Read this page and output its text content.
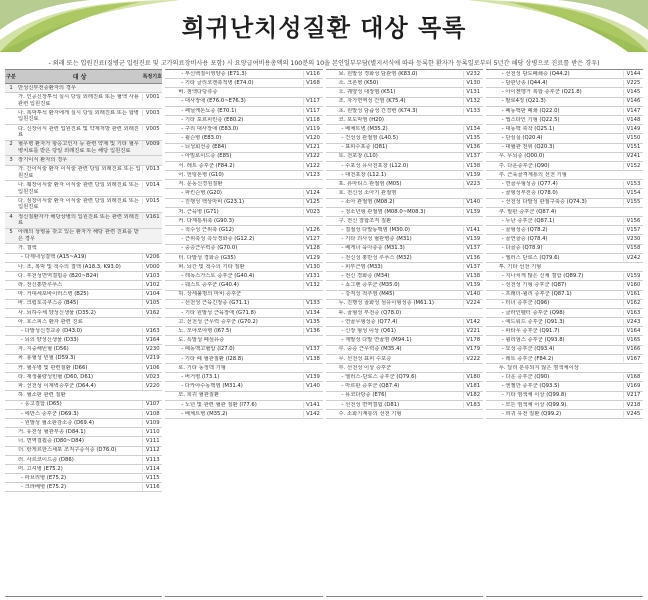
희귀난치성질환 대상 목록
- 외래 또는 입원진료(질병군 입원진료 및 고가의료장비사용 포함) 시 요양급여비용총액의 100분의 10을 본인일부부담(별지서식에 따라 등록한 환자가 등록일로부터 5년간 해당 상병으로 진료를 받은 경우)
구분	대 상	특정기호
1	만성신부전증환자의 경우
가. 인공신장투석 실시 당일 외래진료 또는 혈액 사용 관련 입원진료
V001
나. 복막투석 환자에게 실시 당일 외래진료 또는 합병 입원진료
V003
다. 신장이식 관련 입원진료 및 약제처방 관련 외래진료
V005
2	혈우병 환자가 항응고인자 등 관련 약제 및 기타 혈우병치료를 받은 당일 외래진료 또는 해당 입원진료
V009
3	장기이식 환자의 경우
가. 간이식술 환자 이식술 관련 당일 외래진료 또는 입원진료
V013
나. 췌장이식술 환자 이식술 관련 당일 외래진료 또는 입원진료
V014
다. 심장이식술 환자 이식술 관련 당일 외래진료 또는 입원진료
V015
4	정신질환자가 해당상병의 입원진료 또는 관련 외래진료
V161
5	아래의 상병을 갖고 있는 환자가 해당 관련 진료를 받은 경우
가. 결핵
- 다제내성결핵 (A15~A19)	V206
나. 조, 복막 및 척수의 결핵 (A18.3, K93.0)	V000
다. 후천성면역결핍증 (B20~B24)	V103
라. 전신홍반루푸스	V102
마. 거대세포바이러스병 (B25)	V104
바. 크립토콕쿠스증 (B45)	V105
사. 뇌하수체 양성신생물 (D35.2)	V162
아. 호스피스 환자 관련 진료
- 다발성신경교종 (D43.0)	V163
- 뇌의 양성신생물 (D33)	V164
자. 지중해빈혈 (D56)	V230
차. 용혈성 빈혈 (D59.3)	V219
카. 혈우병 및 관련질환 (D66)	V106
타. 재생불량성빈혈 (D60, D61)	V023
파. 선천성 이계벽증후군 (D64.4)	V220
하. 혈소판 관련 질환
- 응고결함 (D65)	V107
- 에반스 증후군 (D69.3)	V108
- 원발성 혈소판감소증 (D69.4)	V109
거. 유전성 혈관부종 (D84.1)	V110
너. 면역결핍증 (D80~D84)	V111
더. 랑게르한스세포 조직구증식증 (D76.0)	V112
러. 사르코이드증 (D86)	V113
머. 고셔병 (E75.2)	V114
- 파브리병 (E75.2)	V115
- 크라베병 (E75.2)	V116
- 부신백질이영양증 (E71.3)	V116
- 기타 글리코겐축적병 (E74.0)	V168
버. 점액다당류증
- 대사장애 (E76.0~E76.3)	V117
- 페닐케톤뇨증 (E70.1)	V117
- 기타 포르피린증 (E80.2)	V118
- 구리 대사장애 (E83.0)	V119
- 윌슨병 (E83.0)	V120
- 뇌성회선증 (E84)	V121
- 아밀로이드증 (E85)	V122
서. 레트 증후군 (F84.2)	V122
어. 헌팅톤병 (G10)	V123
저. 운동신경원질환
- 파킨슨병 (G20)	V124
- 진행성 핵상마비 (G23.1)	V125
처. 근육병 (G71)	V023
커. 다계통위축 (G90.3)
- 척수성 근위축 (G12)	V126
- 근위축성 측삭경화증 (G12.2)	V127
- 중증근무력증 (G70.0)	V128
터. 다발성 경화증 (G35)	V129
퍼. 뇌간 및 척수의 기타 질환	V130
- 레녹스가스토 증후군 (G40.4)	V131
- 웨스트 증후군 (G40.4)	V132
허. 상세불명의 마비 증후군
- 선천성 근육긴장증 (G71.1)	V133
- 기타 원발성 근육장애 (G71.8)	V134
고. 선천성 근무력 증후군 (G70.2)	V135
노. 모야모야병 (I67.5)	V136
도. 특발성 폐섬유증
- 폐동맥고혈압 (I27.0)	V137
- 기타 폐 혈관질환 (I28.8)	V138
로. 기타 동정맥 기형
- 버거병 (I73.1)	V139
- 다카야수동맥염 (M31.4)	V140
모. 희귀 혈관질환
- 노년 및 관련 혈관 질환 (I77.6)	V141
- 베체트병 (M35.2)	V142
보. 원발성 경화성 담관염 (K83.0)	V232
소. 크론병 (K50)	V130
오. 궤양성 대장염 (K51)	V131
조. 자가면역성 간염 (K75.4)	V132
초. 원발성 담즙성 간경변 (K74.3)	V133
코. 포도막염 (H20)
- 베체트병 (M35.2)	V134
- 건선성 관절염 (L40.5)	V135
- 표피수포증 (Q81)	V136
토. 천포창 (L10)	V137
- 수포성 유사천포창 (L12.0)	V138
- 대천포창 (L12.1)	V139
포. 류마티스 관절염 (M05)	V223
호. 전신성 소아기 관절염
- 소아 관절염 (M08.2)	V140
- 청소년형 관절염 (M08.0~M08.3)	V139
구. 전신 결합조직 질환
- 결절성 다발동맥염 (M30.0)	V141
- 기타 괴사성 혈관병증 (M31)	V139
- 베게너 육아종증 (M31.3)	V137
- 전신성 홍반성 루푸스 (M32)	V136
- 피부근염 (M33)	V137
- 전신 경화증 (M34)	V138
- 쇼그렌 증후군 (M35.0)	V139
- 강직성 척추염 (M45)	V140
누. 진행성 골화성 섬유이형성증 (M61.1)	V224
두. 골형성 부전증 (Q78.0)
- 연골무형성증 (Q77.4)	V142
- 신장 형성 이상 (Q61)	V221
- 재발성 다발 연골염 (M94.1)	V178
루. 중증 근무력증 (M35.4)	V179
무. 선천성 표피 수포증	V222
부. 선천성 이상 증후군
- 엘러스-단로스 증후군 (Q79.6)	V180
- 마르판 증후군 (Q87.4)	V181
- 뮤코다당증 (E76)	V182
- 선천성 면역결핍 (D81)	V183
수. 소화기계통의 선천 기형
- 선천성 담도폐쇄증 (Q44.2)	V144
- 담관낭종 (Q44.4)	V225
- 아이젠멩거 복합 증후군 (Q21.8)	V145
- 팔로4징 (Q21.3)	V146
- 폐동맥판 폐쇄 (Q22.0)	V147
- 엡스타인 기형 (Q22.5)	V148
- 대동맥 축착 (Q25.1)	V149
- 단심실 (Q20.4)	V150
- 대혈관 전위 (Q20.3)	V151
우. 무뇌증 (Q00.0)	V241
주. 다운증후군 (Q90)	V152
추. 근육골격계통의 선천 기형
- 연골무형성증 (Q77.4)	V153
- 골형성부전증 (Q78.0)	V154
- 선천성 다발성 관절구축증 (Q74.3)	V155
쿠. 말판 증후군 (Q87.4)
- 누난 증후군 (Q87.1)	V156
- 골형성증 (Q78.2)	V157
- 골연골증 (Q78.4)	V230
- 다골증 (Q78.9)	V158
- 엘러스 단로스 (Q79.6)	V242
투. 기타 선천 기형
- 지나치게 많은 신체 결함 (Q89.7)	V159
- 선천성 기형 증후군 (Q87)	V160
- 프래더-윌리 증후군 (Q87.1)	V161
- 터너 증후군 (Q96)	V162
- 클라인펠터 증후군 (Q98)	V163
- 에드워드 증후군 (Q91.3)	V243
- 파타우 증후군 (Q91.7)	V164
- 윌리엄스 증후군 (Q93.8)	V165
- 묘성 증후군 (Q93.4)	V166
- 레트 증후군 (F84.2)	V167
푸. 달리 분류되지 않은 염색체이상
- 다운 증후군 (Q90)	V168
- 엔젤만 증후군 (Q93.5)	V169
- 기타 염색체 이상 (Q99.8)	V217
- 모든 염색체 이상 (Q99.9)	V218
- 희귀 유전 질환 (Q99.2)	V245
